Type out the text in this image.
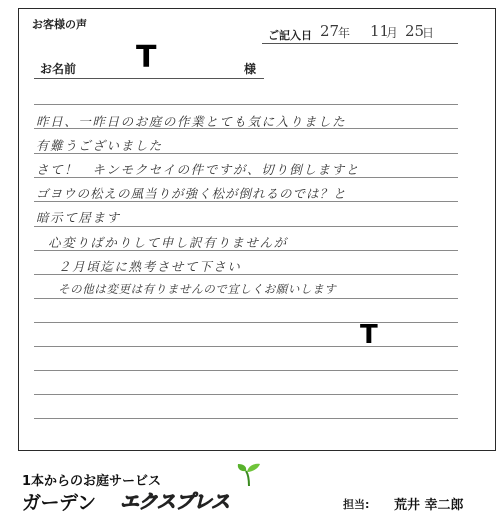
お客様の声
ご記入日 27
年 11
月 25
日
お名前 T	様
昨日、一昨日のお庭の作業とても気に入りました
有難うございました
さて！　キンモクセイの件ですが、切り倒しますと
ゴヨウの松えの風当りが強く松が倒れるのでは？と
暗示て居ます
心変りばかりして申し訳有りませんが
２月頃迄に熟考させて下さい
その他は変更は有りませんので宜しくお願いします
T
1本からのお庭サービス
ガーデン エクスプレス	担当: 荒井 幸二郎
